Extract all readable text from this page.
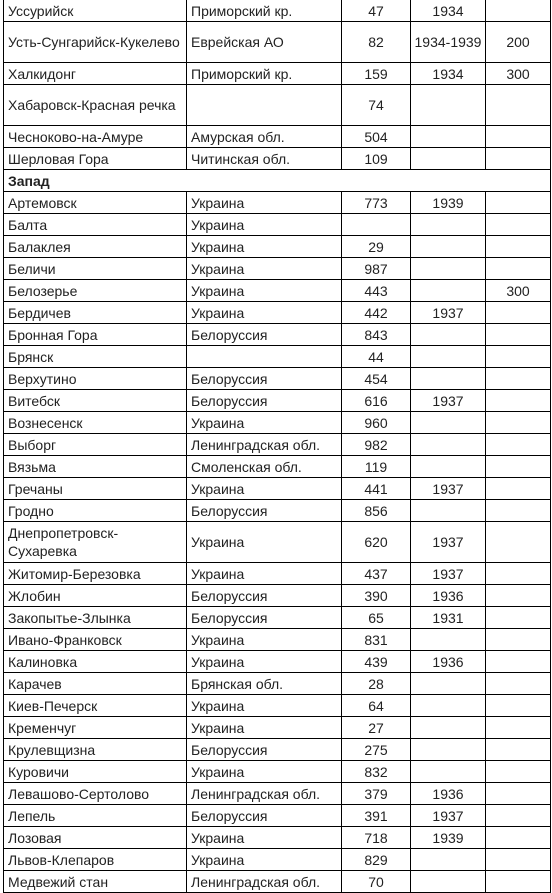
Уссурийск	Приморский кр.	47	1934	
Усть-Сунгарийск-Кукелево	Еврейская АО	82	1934-1939	200
Халкидонг	Приморский кр.	159	1934	300
Хабаровск-Красная речка		74		
Чесноково-на-Амуре	Амурская обл.	504		
Шерловая Гора	Читинская обл.	109		
Запад				
Артемовск	Украина	773	1939	
Балта	Украина			
Балаклея	Украина	29		
Беличи	Украина	987		
Белозерье	Украина	443		300
Бердичев	Украина	442	1937	
Бронная Гора	Белоруссия	843		
Брянск		44		
Верхутино	Белоруссия	454		
Витебск	Белоруссия	616	1937	
Вознесенск	Украина	960		
Выборг	Ленинградская обл.	982		
Вязьма	Смоленская обл.	119		
Гречаны	Украина	441	1937	
Гродно	Белоруссия	856		
Днепропетровск-Сухаревка	Украина	620	1937	
Житомир-Березовка	Украина	437	1937	
Жлобин	Белоруссия	390	1936	
Закопытье-Злынка	Белоруссия	65	1931	
Ивано-Франковск	Украина	831		
Калиновка	Украина	439	1936	
Карачев	Брянская обл.	28		
Киев-Печерск	Украина	64		
Кременчуг	Украина	27		
Крулевщизна	Белоруссия	275		
Куровичи	Украина	832		
Левашово-Сертолово	Ленинградская обл.	379	1936	
Лепель	Белоруссия	391	1937	
Лозовая	Украина	718	1939	
Львов-Клепаров	Украина	829		
Медвежий стан	Ленинградская обл.	70		
